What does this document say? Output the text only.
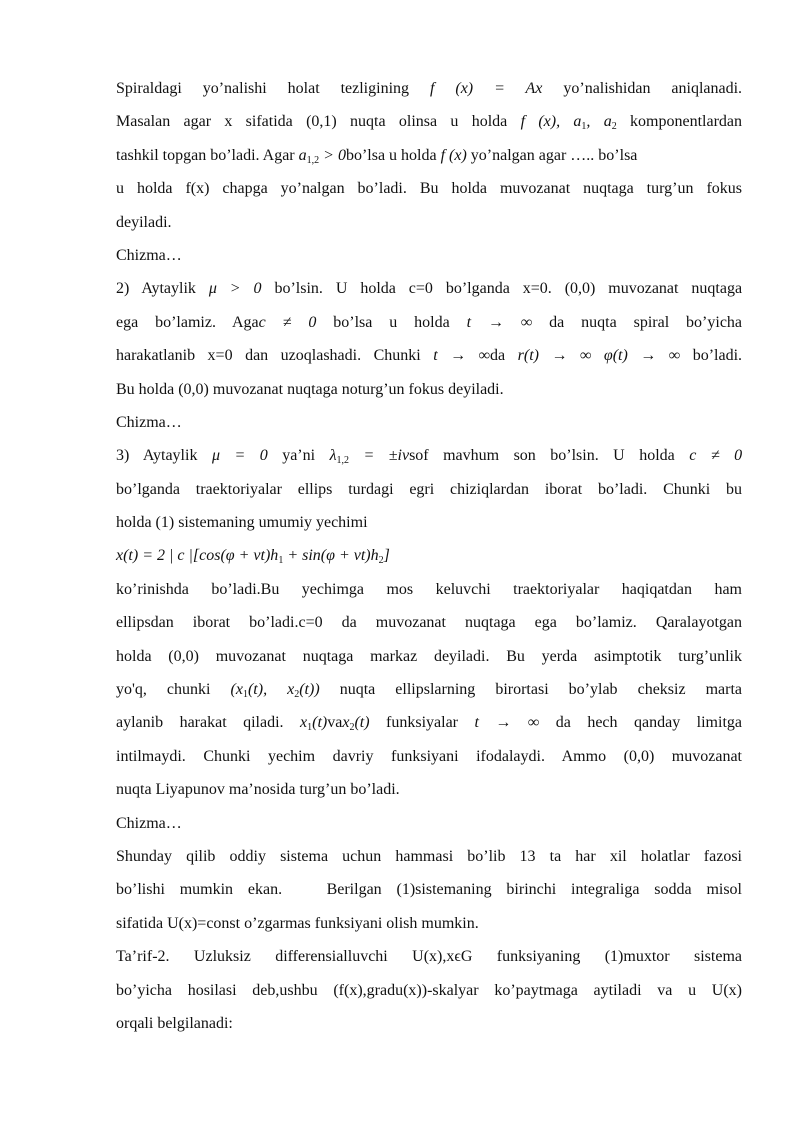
Spiraldagi yo’nalishi holat tezligining f (x) = Ax yo’nalishidan aniqlanadi.
Masalan agar x sifatida (0,1) nuqta olinsa u holda f (x), $a_1$, $a_2$ komponentlardan
tashkil topgan bo’ladi. Agar $a_{1,2}$ > 0bo’lsa u holda f (x) yo’nalgan agar ….. bo’lsa
u holda f(x) chapga yo’nalgan bo’ladi. Bu holda muvozanat nuqtaga turg’un fokus
deyiladi.
Chizma…
2) Aytaylik μ > 0 bo’lsin. U holda c=0 bo’lganda x=0. (0,0) muvozanat nuqtaga
ega bo’lamiz. Agac ≠ 0 bo’lsa u holda t → ∞ da nuqta spiral bo’yicha
harakatlanib x=0 dan uzoqlashadi. Chunki t → ∞da r(t) → ∞ φ(t) → ∞ bo’ladi.
Bu holda (0,0) muvozanat nuqtaga noturg’un fokus deyiladi.
Chizma…
3) Aytaylik μ = 0 ya’ni $\lambda_{1,2} = \pm i\nu sof$ mavhum son bo’lsin. U holda c ≠ 0
bo’lganda traektoriyalar ellips turdagi egri chiziqlardan iborat bo’ladi. Chunki bu
holda (1) sistemaning umumiy yechimi
x(t) = 2 | c $|[\cos(\varphi + \nu t)h_1 + \sin(\varphi + \nu t)h_2]$
ko’rinishda bo’ladi.Bu yechimga mos keluvchi traektoriyalar haqiqatdan ham
ellipsdan iborat bo’ladi.c=0 da muvozanat nuqtaga ega bo’lamiz. Qaralayotgan
holda (0,0) muvozanat nuqtaga markaz deyiladi. Bu yerda asimptotik turg’unlik
yo'q, chunki ($x_1(t)$, $x_2(t)$) nuqta ellipslarning birortasi bo’ylab cheksiz marta
aylanib harakat qiladi. $x_1(t)vax_2(t)$ funksiyalar t → ∞ da hech qanday limitga
intilmaydi. Chunki yechim davriy funksiyani ifodalaydi. Ammo (0,0) muvozanat
nuqta Liyapunov ma’nosida turg’un bo’ladi.
Chizma…
Shunday qilib oddiy sistema uchun hammasi bo’lib 13 ta har xil holatlar fazosi
bo’lishi mumkin ekan.   Berilgan (1)sistemaning birinchi integraliga sodda misol
sifatida U(x)=const o’zgarmas funksiyani olish mumkin.
Ta’rif-2. Uzluksiz differensialluvchi U(x),xϵG funksiyaning (1)muxtor sistema
bo’yicha hosilasi deb,ushbu (f(x),gradu(x))-skalyar ko’paytmaga aytiladi va u U(x)
orqali belgilanadi:
